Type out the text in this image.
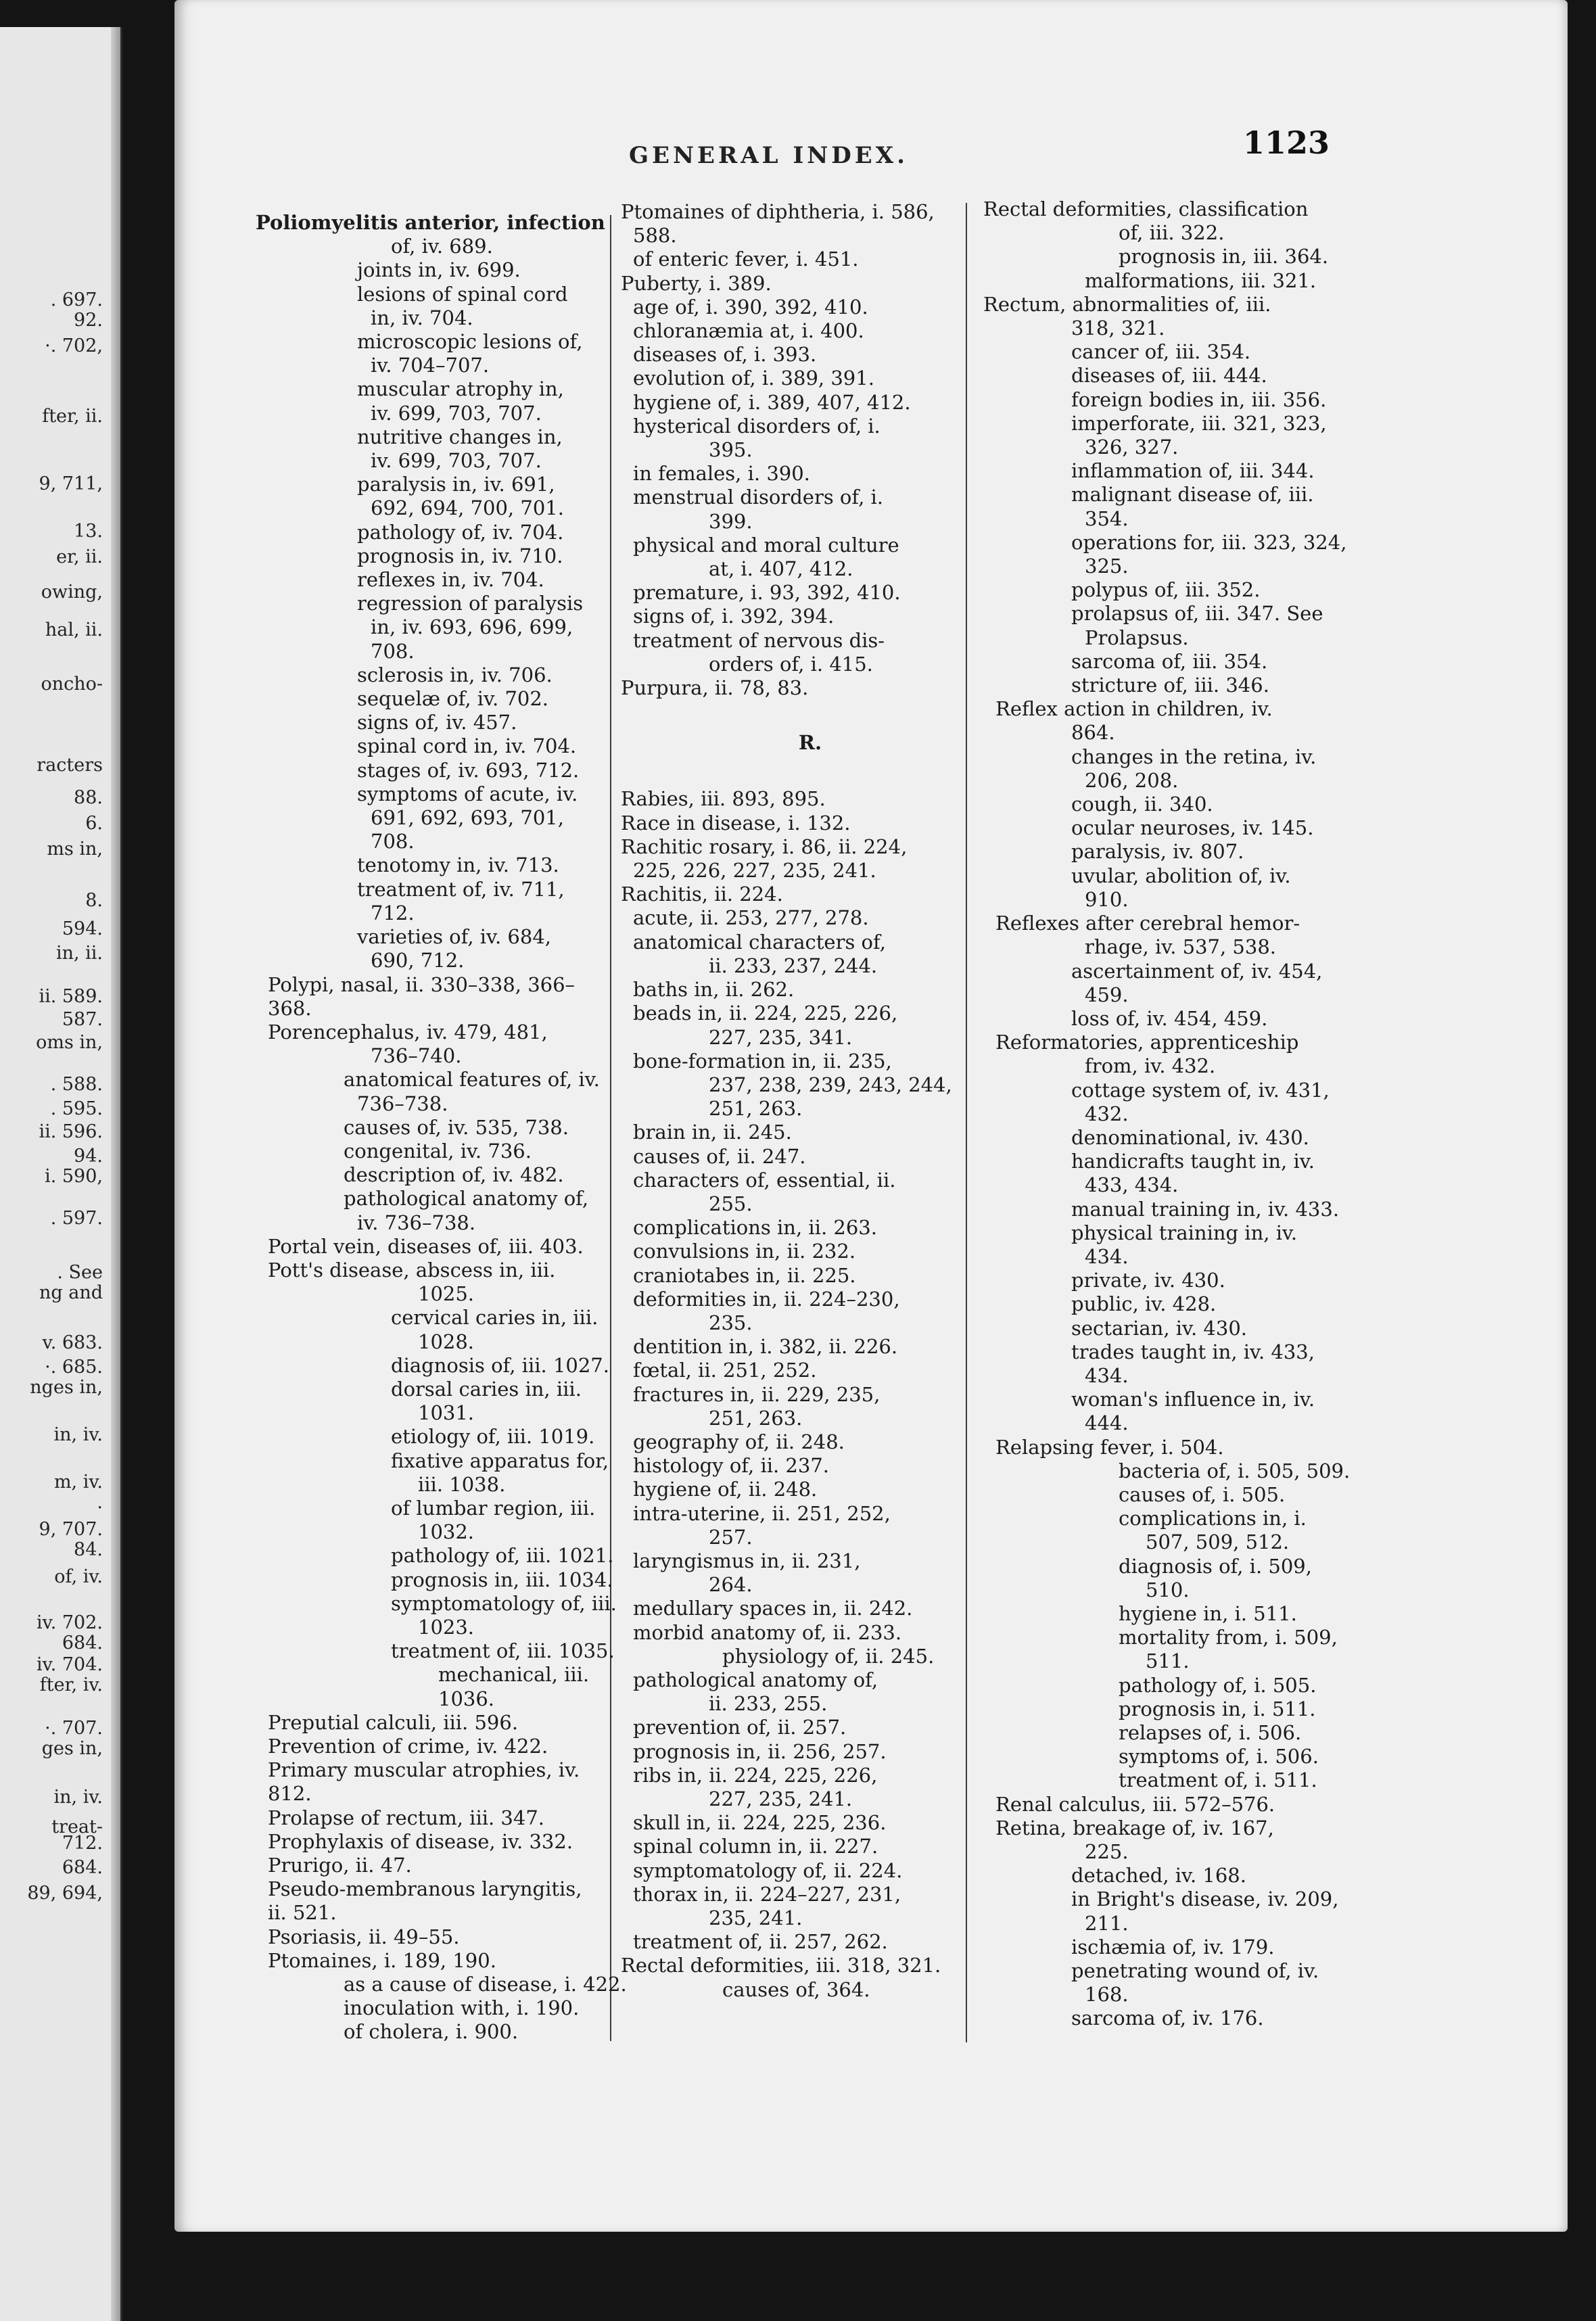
. 697.
92.
·. 702,
fter, ii.
9, 711,
13.
er, ii.
owing,
hal, ii.
oncho-
racters
88.
6.
ms in,
8.
594.
in, ii.
ii. 589.
587.
oms in,
. 588.
. 595.
ii. 596.
94.
i. 590,
. 597.
. See
ng and
v. 683.
·. 685.
nges in,
in, iv.
m, iv.
.
9, 707.
84.
of, iv.
iv. 702.
684.
iv. 704.
fter, iv.
·. 707.
ges in,
in, iv.
treat-
712.
684.
89, 694,
GENERAL INDEX.	1123
Poliomyelitis anterior, infection
of, iv. 689.
joints in, iv. 699.
lesions of spinal cord
in, iv. 704.
microscopic lesions of,
iv. 704–707.
muscular atrophy in,
iv. 699, 703, 707.
nutritive changes in,
iv. 699, 703, 707.
paralysis in, iv. 691,
692, 694, 700, 701.
pathology of, iv. 704.
prognosis in, iv. 710.
reflexes in, iv. 704.
regression of paralysis
in, iv. 693, 696, 699,
708.
sclerosis in, iv. 706.
sequelæ of, iv. 702.
signs of, iv. 457.
spinal cord in, iv. 704.
stages of, iv. 693, 712.
symptoms of acute, iv.
691, 692, 693, 701,
708.
tenotomy in, iv. 713.
treatment of, iv. 711,
712.
varieties of, iv. 684,
690, 712.
Polypi, nasal, ii. 330–338, 366–
368.
Porencephalus, iv. 479, 481,
736–740.
anatomical features of, iv.
736–738.
causes of, iv. 535, 738.
congenital, iv. 736.
description of, iv. 482.
pathological anatomy of,
iv. 736–738.
Portal vein, diseases of, iii. 403.
Pott's disease, abscess in, iii.
1025.
cervical caries in, iii.
1028.
diagnosis of, iii. 1027.
dorsal caries in, iii.
1031.
etiology of, iii. 1019.
fixative apparatus for,
iii. 1038.
of lumbar region, iii.
1032.
pathology of, iii. 1021.
prognosis in, iii. 1034.
symptomatology of, iii.
1023.
treatment of, iii. 1035.
mechanical, iii.
1036.
Preputial calculi, iii. 596.
Prevention of crime, iv. 422.
Primary muscular atrophies, iv.
812.
Prolapse of rectum, iii. 347.
Prophylaxis of disease, iv. 332.
Prurigo, ii. 47.
Pseudo-membranous laryngitis,
ii. 521.
Psoriasis, ii. 49–55.
Ptomaines, i. 189, 190.
as a cause of disease, i. 422.
inoculation with, i. 190.
of cholera, i. 900.
Ptomaines of diphtheria, i. 586,
588.
of enteric fever, i. 451.
Puberty, i. 389.
age of, i. 390, 392, 410.
chloranæmia at, i. 400.
diseases of, i. 393.
evolution of, i. 389, 391.
hygiene of, i. 389, 407, 412.
hysterical disorders of, i.
395.
in females, i. 390.
menstrual disorders of, i.
399.
physical and moral culture
at, i. 407, 412.
premature, i. 93, 392, 410.
signs of, i. 392, 394.
treatment of nervous dis-
orders of, i. 415.
Purpura, ii. 78, 83.
R.
Rabies, iii. 893, 895.
Race in disease, i. 132.
Rachitic rosary, i. 86, ii. 224,
225, 226, 227, 235, 241.
Rachitis, ii. 224.
acute, ii. 253, 277, 278.
anatomical characters of,
ii. 233, 237, 244.
baths in, ii. 262.
beads in, ii. 224, 225, 226,
227, 235, 341.
bone-formation in, ii. 235,
237, 238, 239, 243, 244,
251, 263.
brain in, ii. 245.
causes of, ii. 247.
characters of, essential, ii.
255.
complications in, ii. 263.
convulsions in, ii. 232.
craniotabes in, ii. 225.
deformities in, ii. 224–230,
235.
dentition in, i. 382, ii. 226.
fœtal, ii. 251, 252.
fractures in, ii. 229, 235,
251, 263.
geography of, ii. 248.
histology of, ii. 237.
hygiene of, ii. 248.
intra-uterine, ii. 251, 252,
257.
laryngismus in, ii. 231,
264.
medullary spaces in, ii. 242.
morbid anatomy of, ii. 233.
physiology of, ii. 245.
pathological anatomy of,
ii. 233, 255.
prevention of, ii. 257.
prognosis in, ii. 256, 257.
ribs in, ii. 224, 225, 226,
227, 235, 241.
skull in, ii. 224, 225, 236.
spinal column in, ii. 227.
symptomatology of, ii. 224.
thorax in, ii. 224–227, 231,
235, 241.
treatment of, ii. 257, 262.
Rectal deformities, iii. 318, 321.
causes of, 364.
Rectal deformities, classification
of, iii. 322.
prognosis in, iii. 364.
malformations, iii. 321.
Rectum, abnormalities of, iii.
318, 321.
cancer of, iii. 354.
diseases of, iii. 444.
foreign bodies in, iii. 356.
imperforate, iii. 321, 323,
326, 327.
inflammation of, iii. 344.
malignant disease of, iii.
354.
operations for, iii. 323, 324,
325.
polypus of, iii. 352.
prolapsus of, iii. 347. See
Prolapsus.
sarcoma of, iii. 354.
stricture of, iii. 346.
Reflex action in children, iv.
864.
changes in the retina, iv.
206, 208.
cough, ii. 340.
ocular neuroses, iv. 145.
paralysis, iv. 807.
uvular, abolition of, iv.
910.
Reflexes after cerebral hemor-
rhage, iv. 537, 538.
ascertainment of, iv. 454,
459.
loss of, iv. 454, 459.
Reformatories, apprenticeship
from, iv. 432.
cottage system of, iv. 431,
432.
denominational, iv. 430.
handicrafts taught in, iv.
433, 434.
manual training in, iv. 433.
physical training in, iv.
434.
private, iv. 430.
public, iv. 428.
sectarian, iv. 430.
trades taught in, iv. 433,
434.
woman's influence in, iv.
444.
Relapsing fever, i. 504.
bacteria of, i. 505, 509.
causes of, i. 505.
complications in, i.
507, 509, 512.
diagnosis of, i. 509,
510.
hygiene in, i. 511.
mortality from, i. 509,
511.
pathology of, i. 505.
prognosis in, i. 511.
relapses of, i. 506.
symptoms of, i. 506.
treatment of, i. 511.
Renal calculus, iii. 572–576.
Retina, breakage of, iv. 167,
225.
detached, iv. 168.
in Bright's disease, iv. 209,
211.
ischæmia of, iv. 179.
penetrating wound of, iv.
168.
sarcoma of, iv. 176.
